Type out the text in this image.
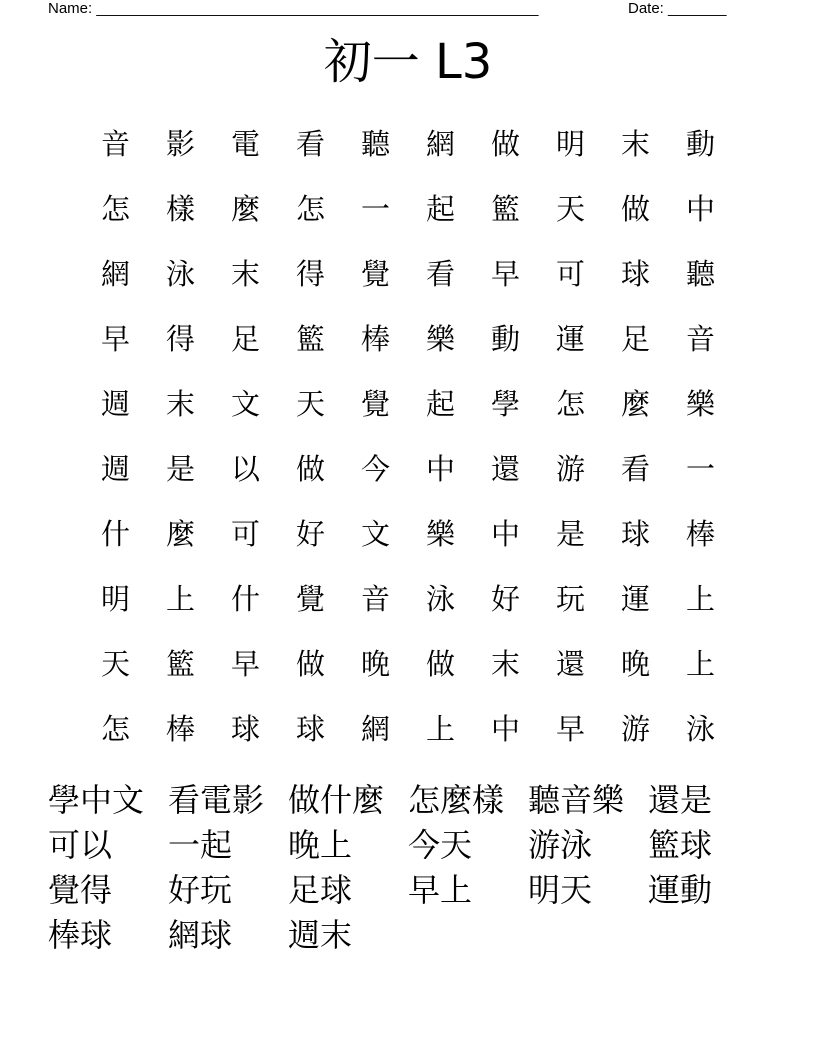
Name: _____________________________________________________	Date: _______
初一 L3
音	影	電	看	聽	網	做	明	末	動
怎	樣	麼	怎	一	起	籃	天	做	中
網	泳	末	得	覺	看	早	可	球	聽
早	得	足	籃	棒	樂	動	運	足	音
週	末	文	天	覺	起	學	怎	麼	樂
週	是	以	做	今	中	還	游	看	一
什	麼	可	好	文	樂	中	是	球	棒
明	上	什	覺	音	泳	好	玩	運	上
天	籃	早	做	晚	做	末	還	晚	上
怎	棒	球	球	網	上	中	早	游	泳
學中文 看電影 做什麼 怎麼樣 聽音樂 還是
可以	一起	晚上	今天	游泳	籃球
覺得	好玩	足球	早上	明天	運動
棒球	網球	週末
